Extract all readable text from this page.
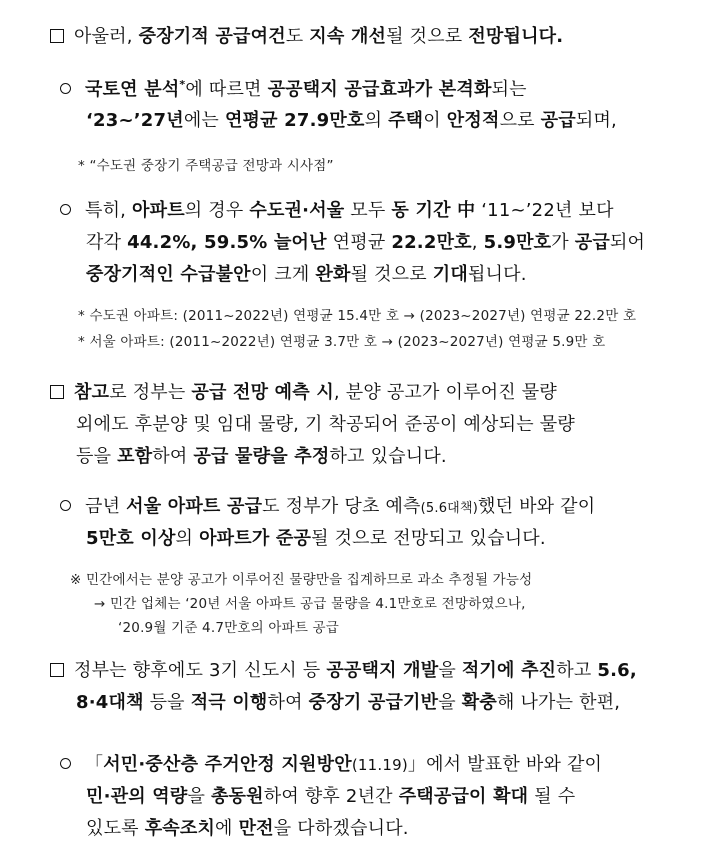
아울러, 중장기적 공급여건도 지속 개선될 것으로 전망됩니다.
국토연 분석*에 따르면 공공택지 공급효과가 본격화되는
‘23~’27년에는 연평균 27.9만호의 주택이 안정적으로 공급되며,
* “수도권 중장기 주택공급 전망과 시사점”
특히, 아파트의 경우 수도권·서울 모두 동 기간 中 ‘11~’22년 보다
각각 44.2%, 59.5% 늘어난 연평균 22.2만호, 5.9만호가 공급되어
중장기적인 수급불안이 크게 완화될 것으로 기대됩니다.
* 수도권 아파트: (2011~2022년) 연평균 15.4만 호 → (2023~2027년) 연평균 22.2만 호
* 서울 아파트: (2011~2022년) 연평균 3.7만 호 → (2023~2027년) 연평균 5.9만 호
참고로 정부는 공급 전망 예측 시, 분양 공고가 이루어진 물량
외에도 후분양 및 임대 물량, 기 착공되어 준공이 예상되는 물량
등을 포함하여 공급 물량을 추정하고 있습니다.
금년 서울 아파트 공급도 정부가 당초 예측(5.6대책)했던 바와 같이
5만호 이상의 아파트가 준공될 것으로 전망되고 있습니다.
※ 민간에서는 분양 공고가 이루어진 물량만을 집계하므로 과소 추정될 가능성
→ 민간 업체는 ‘20년 서울 아파트 공급 물량을 4.1만호로 전망하였으나,
‘20.9월 기준 4.7만호의 아파트 공급
정부는 향후에도 3기 신도시 등 공공택지 개발을 적기에 추진하고 5.6,
8·4대책 등을 적극 이행하여 중장기 공급기반을 확충해 나가는 한편,
「서민·중산층 주거안정 지원방안(11.19)」에서 발표한 바와 같이
민·관의 역량을 총동원하여 향후 2년간 주택공급이 확대 될 수
있도록 후속조치에 만전을 다하겠습니다.
